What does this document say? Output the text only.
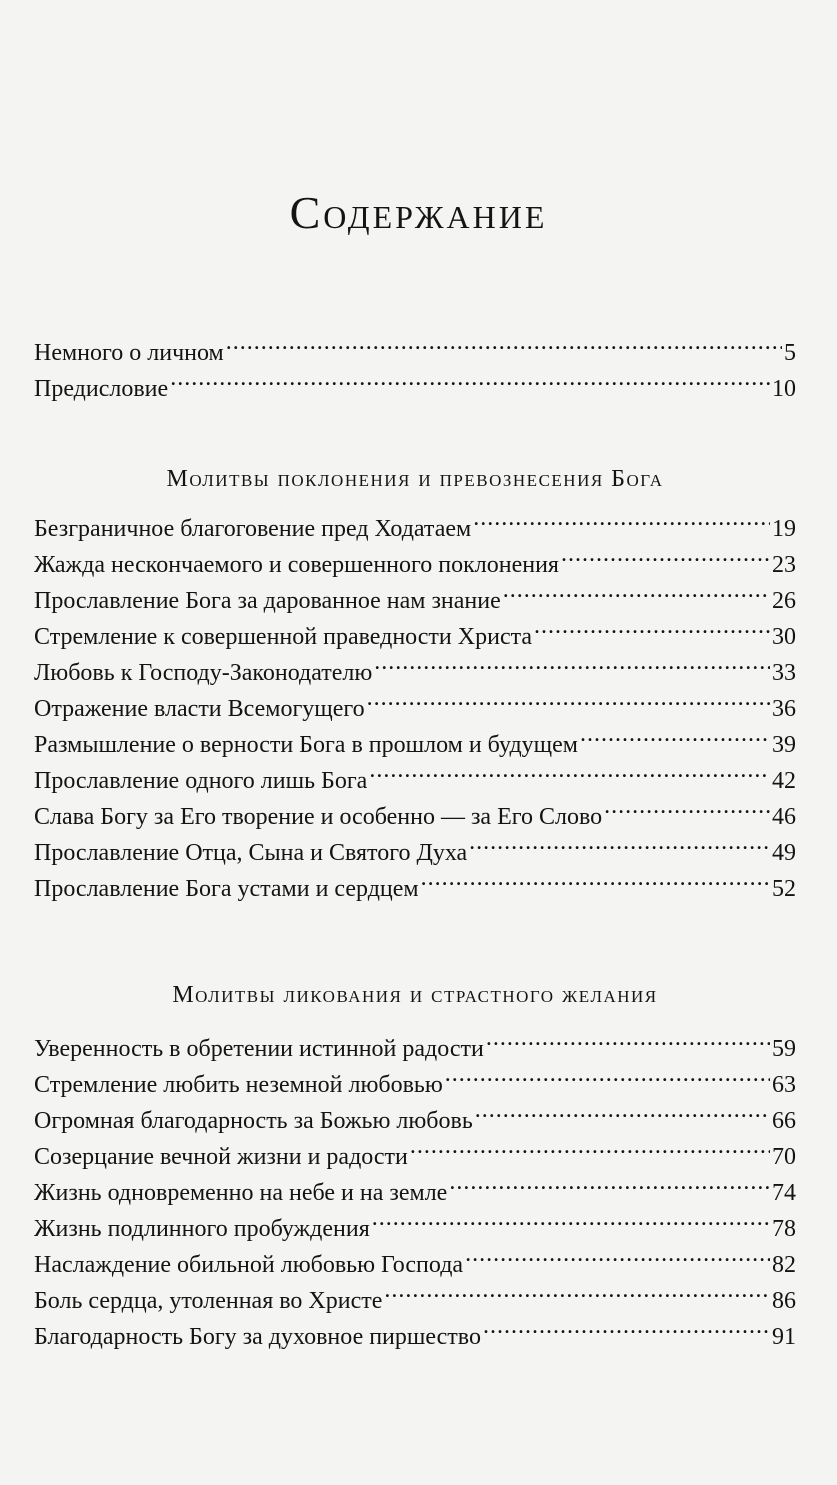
Содержание
Немного о личном .....	5
Предисловие .....	10
Молитвы поклонения и превознесения Бога
Безграничное благоговение пред Ходатаем .....	19
Жажда нескончаемого и совершенного поклонения .....	23
Прославление Бога за дарованное нам знание .....	26
Стремление к совершенной праведности Христа .....	30
Любовь к Господу-Законодателю .....	33
Отражение власти Всемогущего .....	36
Размышление о верности Бога в прошлом и будущем .....	39
Прославление одного лишь Бога .....	42
Слава Богу за Его творение и особенно — за Его Слово .....	46
Прославление Отца, Сына и Святого Духа .....	49
Прославление Бога устами и сердцем .....	52
Молитвы ликования и страстного желания
Уверенность в обретении истинной радости .....	59
Стремление любить неземной любовью .....	63
Огромная благодарность за Божью любовь .....	66
Созерцание вечной жизни и радости .....	70
Жизнь одновременно на небе и на земле .....	74
Жизнь подлинного пробуждения .....	78
Наслаждение обильной любовью Господа .....	82
Боль сердца, утоленная во Христе .....	86
Благодарность Богу за духовное пиршество .....	91
